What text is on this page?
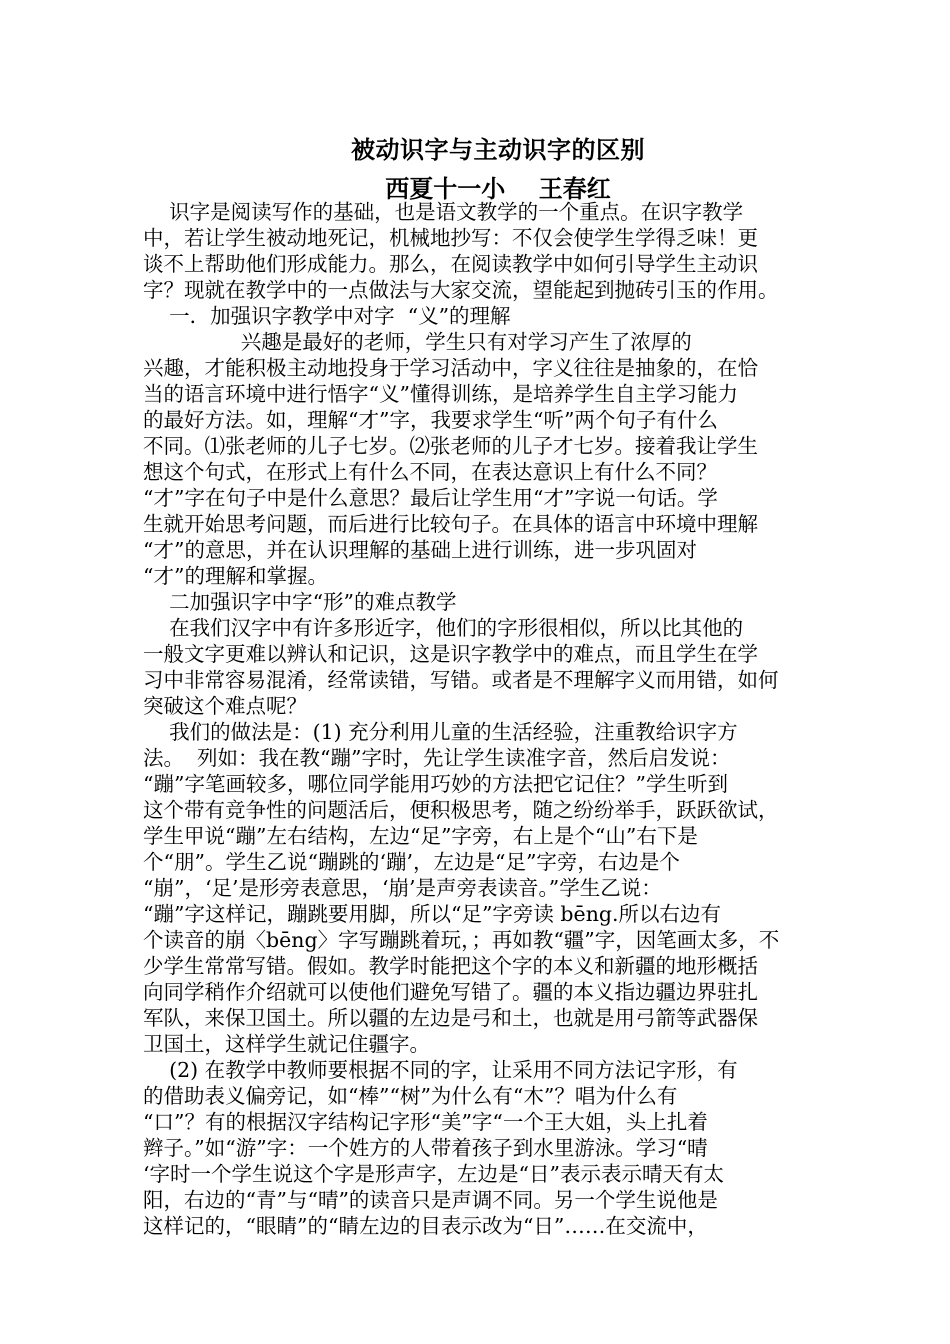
被动识字与主动识字的区别
西夏十一小    王春红
识字是阅读写作的基础，也是语文教学的一个重点。在识字教学
中，若让学生被动地死记，机械地抄写：不仅会使学生学得乏味！更
谈不上帮助他们形成能力。那么，在阅读教学中如何引导学生主动识
字？现就在教学中的一点做法与大家交流，望能起到抛砖引玉的作用。
一．加强识字教学中对字  “义”的理解
兴趣是最好的老师，学生只有对学习产生了浓厚的
兴趣，才能积极主动地投身于学习活动中，字义往往是抽象的，在恰
当的语言环境中进行悟字“义”懂得训练，是培养学生自主学习能力
的最好方法。如，理解“才”字，我要求学生“听”两个句子有什么
不同。⑴张老师的儿子七岁。⑵张老师的儿子才七岁。接着我让学生
想这个句式，在形式上有什么不同，在表达意识上有什么不同？
“才”字在句子中是什么意思？最后让学生用“才”字说一句话。学
生就开始思考问题，而后进行比较句子。在具体的语言中环境中理解
“才”的意思，并在认识理解的基础上进行训练，进一步巩固对
“才”的理解和掌握。
二加强识字中字“形”的难点教学
在我们汉字中有许多形近字，他们的字形很相似，所以比其他的
一般文字更难以辨认和记识，这是识字教学中的难点，而且学生在学
习中非常容易混淆，经常读错，写错。或者是不理解字义而用错，如何
突破这个难点呢？
我们的做法是：(1) 充分利用儿童的生活经验，注重教给识字方
法。  列如：我在教“蹦”字时，先让学生读准字音，然后启发说：
“蹦”字笔画较多，哪位同学能用巧妙的方法把它记住？”学生听到
这个带有竞争性的问题活后，便积极思考，随之纷纷举手，跃跃欲试，
学生甲说“蹦”左右结构，左边“足”字旁，右上是个“山”右下是
个“朋”。学生乙说“蹦跳的‘蹦’，左边是“足”字旁，右边是个
“崩”，‘足’是形旁表意思，‘崩’是声旁表读音。”学生乙说：
“蹦”字这样记，蹦跳要用脚，所以“足”字旁读 bēng.所以右边有
个读音的崩〈bēng〉字写蹦跳着玩，；再如教“疆”字，因笔画太多，不
少学生常常写错。假如。教学时能把这个字的本义和新疆的地形概括
向同学稍作介绍就可以使他们避免写错了。疆的本义指边疆边界驻扎
军队，来保卫国土。所以疆的左边是弓和土，也就是用弓箭等武器保
卫国土，这样学生就记住疆字。
(2) 在教学中教师要根据不同的字，让采用不同方法记字形，有
的借助表义偏旁记，如“棒”“树”为什么有“木”？唱为什么有
“口”？有的根据汉字结构记字形“美”字“一个王大姐，头上扎着
辫子。”如“游”字：一个姓方的人带着孩子到水里游泳。学习“晴
‘字时一个学生说这个字是形声字，左边是“日”表示表示晴天有太
阳，右边的“青”与“晴”的读音只是声调不同。另一个学生说他是
这样记的，“眼睛”的“睛左边的目表示改为“日”……在交流中，
